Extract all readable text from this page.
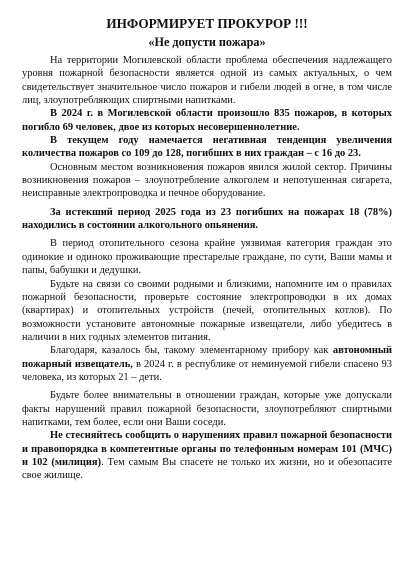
ИНФОРМИРУЕТ ПРОКУРОР !!!
«Не допусти пожара»

На территории Могилевской области проблема обеспечения надлежащего уровня пожарной безопасности является одной из самых актуальных, о чем свидетельствует значительное число пожаров и гибели людей в огне, в том числе лиц, злоупотребляющих спиртными напитками.

В 2024 г. в Могилевской области произошло 835 пожаров, в которых погибло 69 человек, двое из которых несовершеннолетние.

В текущем году намечается негативная тенденция увеличения количества пожаров со 109 до 128, погибших в них граждан – с 16 до 23.

Основным местом возникновения пожаров явился жилой сектор. Причины возникновения пожаров – злоупотребление алкоголем и непотушенная сигарета, неисправные электропроводка и печное оборудование.

За истекший период 2025 года из 23 погибших на пожарах 18 (78%) находились в состоянии алкогольного опьянения.

В период отопительного сезона крайне уязвимая категория граждан это одинокие и одиноко проживающие престарелые граждане, по сути, Ваши мамы и папы, бабушки и дедушки.

Будьте на связи со своими родными и близкими, напомните им о правилах пожарной безопасности, проверьте состояние электропроводки в их домах (квартирах) и отопительных устройств (печей, отопительных котлов). По возможности установите автономные пожарные извещатели, либо убедитесь в наличии в них годных элементов питания.

Благодаря, казалось бы, такому элементарному прибору как автономный пожарный извещатель, в 2024 г. в республике от неминуемой гибели спасено 93 человека, из которых 21 – дети.

Будьте более внимательны в отношении граждан, которые уже допускали факты нарушений правил пожарной безопасности, злоупотребляют спиртными напитками, тем более, если они Ваши соседи.

Не стесняйтесь сообщить о нарушениях правил пожарной безопасности и правопорядка в компетентные органы по телефонным номерам 101 (МЧС) и 102 (милиция). Тем самым Вы спасете не только их жизни, но и обезопасите свое жилище.
